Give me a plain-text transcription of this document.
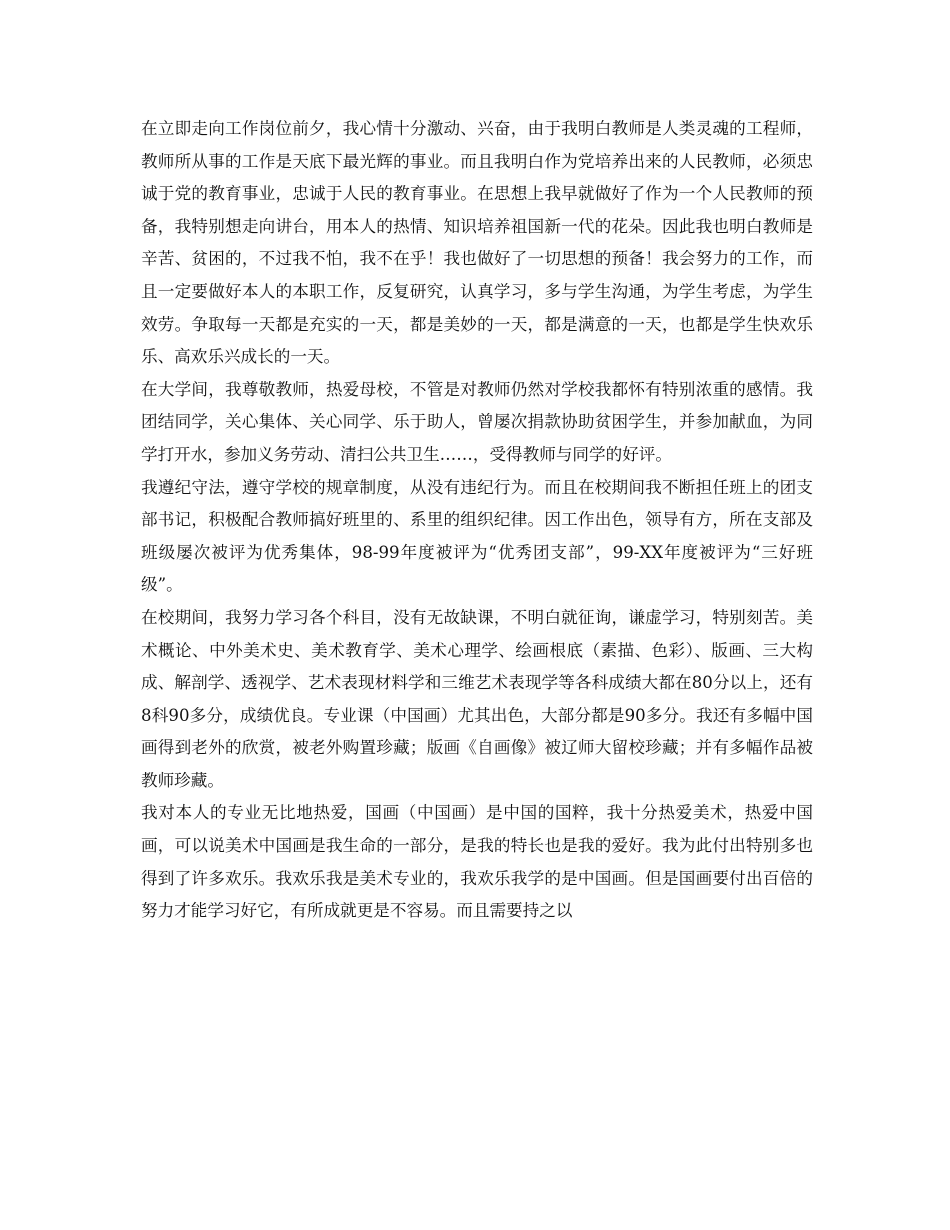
在立即走向工作岗位前夕，我心情十分激动、兴奋，由于我明白教师是人类灵魂的工程师，教师所从事的工作是天底下最光辉的事业。而且我明白作为党培养出来的人民教师，必须忠诚于党的教育事业，忠诚于人民的教育事业。在思想上我早就做好了作为一个人民教师的预备，我特别想走向讲台，用本人的热情、知识培养祖国新一代的花朵。因此我也明白教师是辛苦、贫困的，不过我不怕，我不在乎！我也做好了一切思想的预备！我会努力的工作，而且一定要做好本人的本职工作，反复研究，认真学习，多与学生沟通，为学生考虑，为学生效劳。争取每一天都是充实的一天，都是美妙的一天，都是满意的一天，也都是学生快欢乐乐、高欢乐兴成长的一天。

在大学间，我尊敬教师，热爱母校，不管是对教师仍然对学校我都怀有特别浓重的感情。我团结同学，关心集体、关心同学、乐于助人，曾屡次捐款协助贫困学生，并参加献血，为同学打开水，参加义务劳动、清扫公共卫生……，受得教师与同学的好评。

我遵纪守法，遵守学校的规章制度，从没有违纪行为。而且在校期间我不断担任班上的团支部书记，积极配合教师搞好班里的、系里的组织纪律。因工作出色，领导有方，所在支部及班级屡次被评为优秀集体，98-99年度被评为“优秀团支部”，99-XX年度被评为“三好班级”。

在校期间，我努力学习各个科目，没有无故缺课，不明白就征询，谦虚学习，特别刻苦。美术概论、中外美术史、美术教育学、美术心理学、绘画根底（素描、色彩）、版画、三大构成、解剖学、透视学、艺术表现材料学和三维艺术表现学等各科成绩大都在80分以上，还有8科90多分，成绩优良。专业课（中国画）尤其出色，大部分都是90多分。我还有多幅中国画得到老外的欣赏，被老外购置珍藏；版画《自画像》被辽师大留校珍藏；并有多幅作品被教师珍藏。

我对本人的专业无比地热爱，国画（中国画）是中国的国粹，我十分热爱美术，热爱中国画，可以说美术中国画是我生命的一部分，是我的特长也是我的爱好。我为此付出特别多也得到了许多欢乐。我欢乐我是美术专业的，我欢乐我学的是中国画。但是国画要付出百倍的努力才能学习好它，有所成就更是不容易。而且需要持之以
